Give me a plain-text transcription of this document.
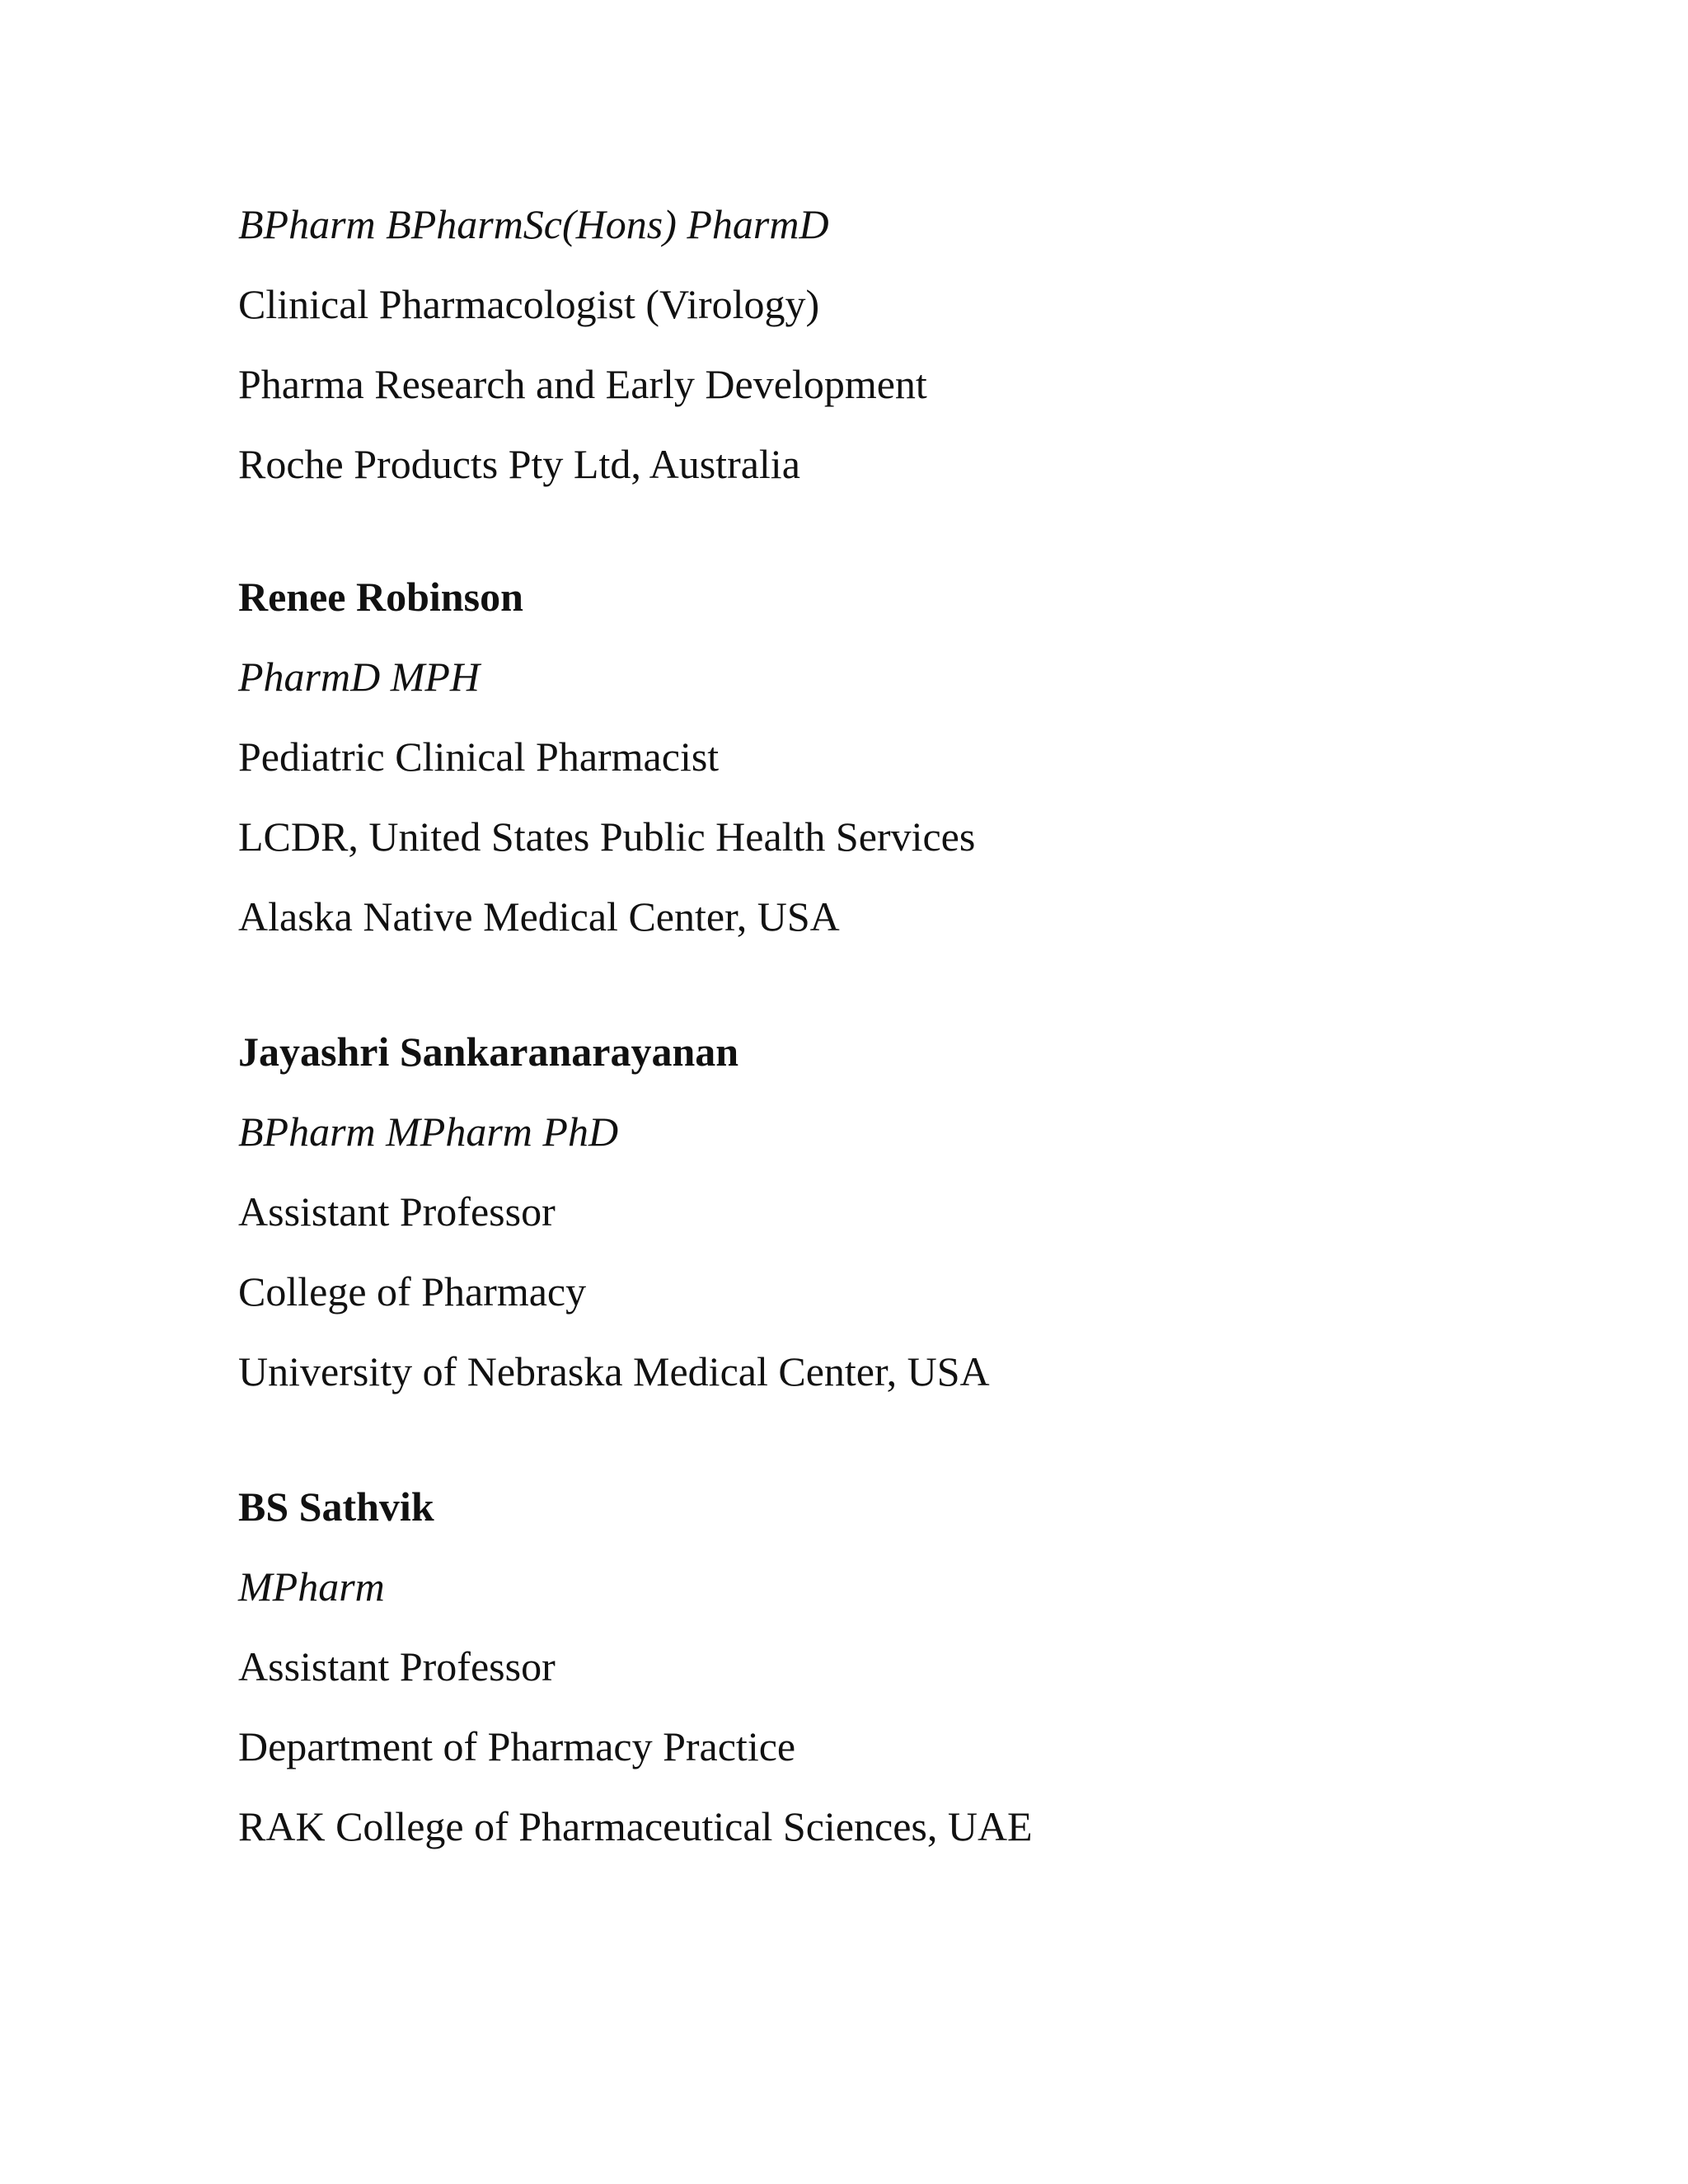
BPharm BPharmSc(Hons) PharmD
Clinical Pharmacologist (Virology)
Pharma Research and Early Development
Roche Products Pty Ltd, Australia
Renee Robinson
PharmD MPH
Pediatric Clinical Pharmacist
LCDR, United States Public Health Services
Alaska Native Medical Center, USA
Jayashri Sankaranarayanan
BPharm MPharm PhD
Assistant Professor
College of Pharmacy
University of Nebraska Medical Center, USA
BS Sathvik
MPharm
Assistant Professor
Department of Pharmacy Practice
RAK College of Pharmaceutical Sciences, UAE
